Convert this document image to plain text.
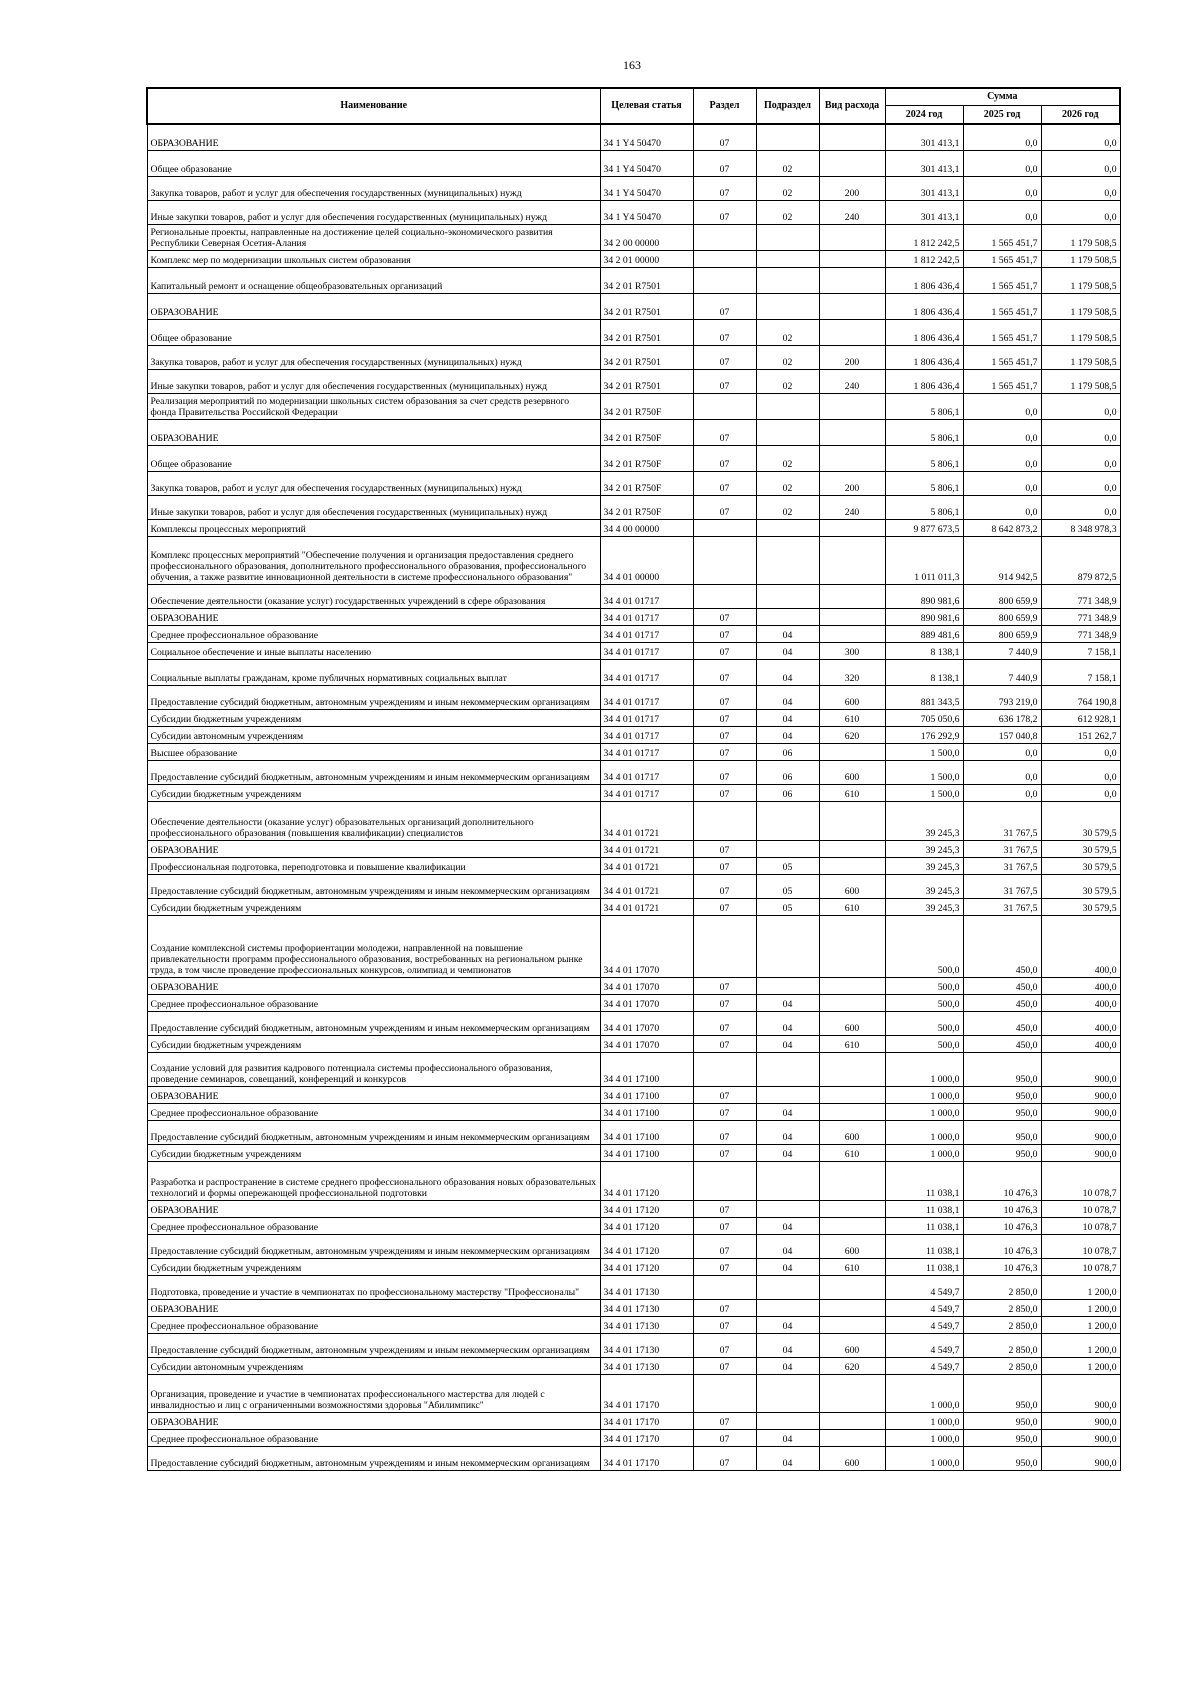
163
Наименование	Целевая статья	Раздел	Подраздел	Вид расхода	Сумма		
					2024 год	2025 год	2026 год
ОБРАЗОВАНИЕ	34 1 Y4 50470	07			301 413,1	0,0	0,0
Общее образование	34 1 Y4 50470	07	02		301 413,1	0,0	0,0
Закупка товаров, работ и услуг для обеспечения государственных (муниципальных) нужд	34 1 Y4 50470	07	02	200	301 413,1	0,0	0,0
Иные закупки товаров, работ и услуг для обеспечения государственных (муниципальных) нужд	34 1 Y4 50470	07	02	240	301 413,1	0,0	0,0
Региональные проекты, направленные на достижение целей социально-экономического развития Республики Северная Осетия-Алания	34 2 00 00000				1 812 242,5	1 565 451,7	1 179 508,5
Комплекс мер по модернизации школьных систем образования	34 2 01 00000				1 812 242,5	1 565 451,7	1 179 508,5
Капитальный ремонт и оснащение общеобразовательных организаций	34 2 01 R7501				1 806 436,4	1 565 451,7	1 179 508,5
ОБРАЗОВАНИЕ	34 2 01 R7501	07			1 806 436,4	1 565 451,7	1 179 508,5
Общее образование	34 2 01 R7501	07	02		1 806 436,4	1 565 451,7	1 179 508,5
Закупка товаров, работ и услуг для обеспечения государственных (муниципальных) нужд	34 2 01 R7501	07	02	200	1 806 436,4	1 565 451,7	1 179 508,5
Иные закупки товаров, работ и услуг для обеспечения государственных (муниципальных) нужд	34 2 01 R7501	07	02	240	1 806 436,4	1 565 451,7	1 179 508,5
Реализация мероприятий по модернизации школьных систем образования за счет средств резервного фонда Правительства Российской Федерации	34 2 01 R750F				5 806,1	0,0	0,0
ОБРАЗОВАНИЕ	34 2 01 R750F	07			5 806,1	0,0	0,0
Общее образование	34 2 01 R750F	07	02		5 806,1	0,0	0,0
Закупка товаров, работ и услуг для обеспечения государственных (муниципальных) нужд	34 2 01 R750F	07	02	200	5 806,1	0,0	0,0
Иные закупки товаров, работ и услуг для обеспечения государственных (муниципальных) нужд	34 2 01 R750F	07	02	240	5 806,1	0,0	0,0
Комплексы процессных мероприятий	34 4 00 00000				9 877 673,5	8 642 873,2	8 348 978,3
Комплекс процессных мероприятий "Обеспечение получения и организация предоставления среднего профессионального образования, дополнительного профессионального образования, профессионального обучения, а также развитие инновационной деятельности в системе профессионального образования"	34 4 01 00000				1 011 011,3	914 942,5	879 872,5
Обеспечение деятельности (оказание услуг) государственных учреждений в сфере образования	34 4 01 01717				890 981,6	800 659,9	771 348,9
ОБРАЗОВАНИЕ	34 4 01 01717	07			890 981,6	800 659,9	771 348,9
Среднее профессиональное образование	34 4 01 01717	07	04		889 481,6	800 659,9	771 348,9
Социальное обеспечение и иные выплаты населению	34 4 01 01717	07	04	300	8 138,1	7 440,9	7 158,1
Социальные выплаты гражданам, кроме публичных нормативных социальных выплат	34 4 01 01717	07	04	320	8 138,1	7 440,9	7 158,1
Предоставление субсидий бюджетным, автономным учреждениям и иным некоммерческим организациям	34 4 01 01717	07	04	600	881 343,5	793 219,0	764 190,8
Субсидии бюджетным учреждениям	34 4 01 01717	07	04	610	705 050,6	636 178,2	612 928,1
Субсидии автономным учреждениям	34 4 01 01717	07	04	620	176 292,9	157 040,8	151 262,7
Высшее образование	34 4 01 01717	07	06		1 500,0	0,0	0,0
Предоставление субсидий бюджетным, автономным учреждениям и иным некоммерческим организациям	34 4 01 01717	07	06	600	1 500,0	0,0	0,0
Субсидии бюджетным учреждениям	34 4 01 01717	07	06	610	1 500,0	0,0	0,0
Обеспечение деятельности (оказание услуг) образовательных организаций дополнительного профессионального образования (повышения квалификации) специалистов	34 4 01 01721				39 245,3	31 767,5	30 579,5
ОБРАЗОВАНИЕ	34 4 01 01721	07			39 245,3	31 767,5	30 579,5
Профессиональная подготовка, переподготовка и повышение квалификации	34 4 01 01721	07	05		39 245,3	31 767,5	30 579,5
Предоставление субсидий бюджетным, автономным учреждениям и иным некоммерческим организациям	34 4 01 01721	07	05	600	39 245,3	31 767,5	30 579,5
Субсидии бюджетным учреждениям	34 4 01 01721	07	05	610	39 245,3	31 767,5	30 579,5
Создание комплексной системы профориентации молодежи, направленной на повышение привлекательности программ профессионального образования, востребованных на региональном рынке труда, в том числе проведение профессиональных конкурсов, олимпиад и чемпионатов	34 4 01 17070				500,0	450,0	400,0
ОБРАЗОВАНИЕ	34 4 01 17070	07			500,0	450,0	400,0
Среднее профессиональное образование	34 4 01 17070	07	04		500,0	450,0	400,0
Предоставление субсидий бюджетным, автономным учреждениям и иным некоммерческим организациям	34 4 01 17070	07	04	600	500,0	450,0	400,0
Субсидии бюджетным учреждениям	34 4 01 17070	07	04	610	500,0	450,0	400,0
Создание условий для развития кадрового потенциала системы профессионального образования, проведение семинаров, совещаний, конференций и конкурсов	34 4 01 17100				1 000,0	950,0	900,0
ОБРАЗОВАНИЕ	34 4 01 17100	07			1 000,0	950,0	900,0
Среднее профессиональное образование	34 4 01 17100	07	04		1 000,0	950,0	900,0
Предоставление субсидий бюджетным, автономным учреждениям и иным некоммерческим организациям	34 4 01 17100	07	04	600	1 000,0	950,0	900,0
Субсидии бюджетным учреждениям	34 4 01 17100	07	04	610	1 000,0	950,0	900,0
Разработка и распространение в системе среднего профессионального образования новых образовательных технологий и формы опережающей профессиональной подготовки	34 4 01 17120				11 038,1	10 476,3	10 078,7
ОБРАЗОВАНИЕ	34 4 01 17120	07			11 038,1	10 476,3	10 078,7
Среднее профессиональное образование	34 4 01 17120	07	04		11 038,1	10 476,3	10 078,7
Предоставление субсидий бюджетным, автономным учреждениям и иным некоммерческим организациям	34 4 01 17120	07	04	600	11 038,1	10 476,3	10 078,7
Субсидии бюджетным учреждениям	34 4 01 17120	07	04	610	11 038,1	10 476,3	10 078,7
Подготовка, проведение и участие в чемпионатах по профессиональному мастерству "Профессионалы"	34 4 01 17130				4 549,7	2 850,0	1 200,0
ОБРАЗОВАНИЕ	34 4 01 17130	07			4 549,7	2 850,0	1 200,0
Среднее профессиональное образование	34 4 01 17130	07	04		4 549,7	2 850,0	1 200,0
Предоставление субсидий бюджетным, автономным учреждениям и иным некоммерческим организациям	34 4 01 17130	07	04	600	4 549,7	2 850,0	1 200,0
Субсидии автономным учреждениям	34 4 01 17130	07	04	620	4 549,7	2 850,0	1 200,0
Организация, проведение и участие в чемпионатах профессионального мастерства для людей с инвалидностью и лиц с ограниченными возможностями здоровья "Абилимпикс"	34 4 01 17170				1 000,0	950,0	900,0
ОБРАЗОВАНИЕ	34 4 01 17170	07			1 000,0	950,0	900,0
Среднее профессиональное образование	34 4 01 17170	07	04		1 000,0	950,0	900,0
Предоставление субсидий бюджетным, автономным учреждениям и иным некоммерческим организациям	34 4 01 17170	07	04	600	1 000,0	950,0	900,0
